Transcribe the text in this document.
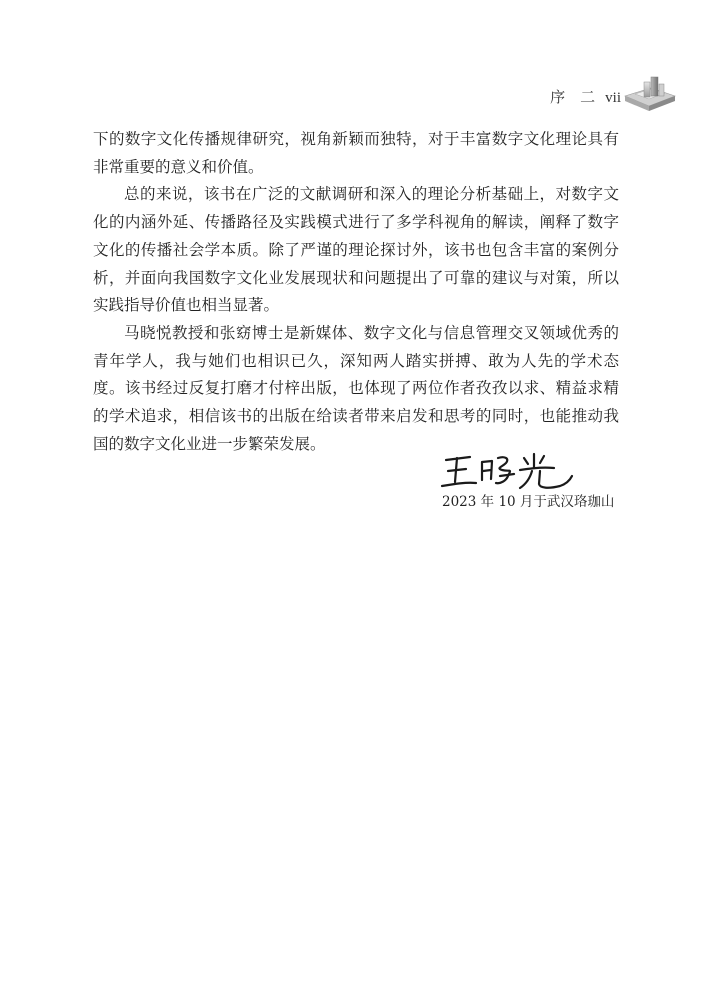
序　二 vii

下的数字文化传播规律研究，视角新颖而独特，对于丰富数字文化理论具有非常重要的意义和价值。

总的来说，该书在广泛的文献调研和深入的理论分析基础上，对数字文化的内涵外延、传播路径及实践模式进行了多学科视角的解读，阐释了数字文化的传播社会学本质。除了严谨的理论探讨外，该书也包含丰富的案例分析，并面向我国数字文化业发展现状和问题提出了可靠的建议与对策，所以实践指导价值也相当显著。

马晓悦教授和张窈博士是新媒体、数字文化与信息管理交叉领域优秀的青年学人，我与她们也相识已久，深知两人踏实拼搏、敢为人先的学术态度。该书经过反复打磨才付梓出版，也体现了两位作者孜孜以求、精益求精的学术追求，相信该书的出版在给读者带来启发和思考的同时，也能推动我国的数字文化业进一步繁荣发展。

2023 年 10 月于武汉珞珈山
